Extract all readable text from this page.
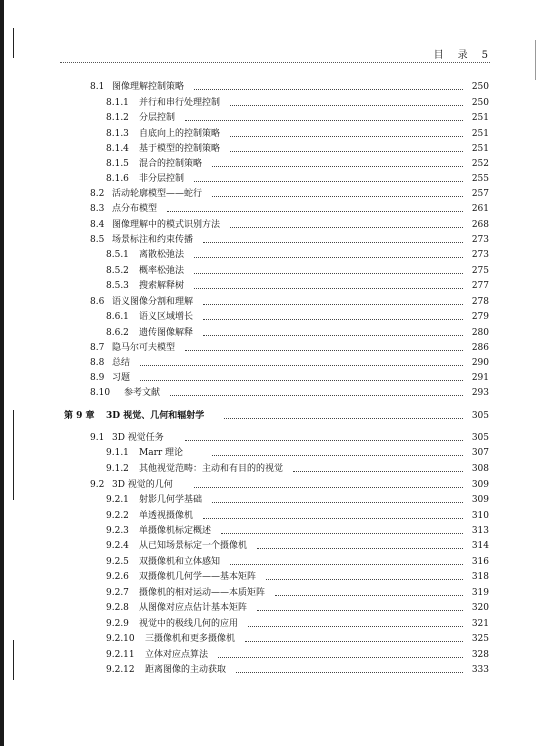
目　录　5
8.1 图像理解控制策略	250
8.1.1 并行和串行处理控制	250
8.1.2 分层控制	251
8.1.3 自底向上的控制策略	251
8.1.4 基于模型的控制策略	251
8.1.5 混合的控制策略	252
8.1.6 非分层控制	255
8.2 活动轮廓模型——蛇行	257
8.3 点分布模型	261
8.4 图像理解中的模式识别方法	268
8.5 场景标注和约束传播	273
8.5.1 离散松弛法	273
8.5.2 概率松弛法	275
8.5.3 搜索解释树	277
8.6 语义图像分割和理解	278
8.6.1 语义区域增长	279
8.6.2 遗传图像解释	280
8.7 隐马尔可夫模型	286
8.8 总结	290
8.9 习题	291
8.10 参考文献	293
第 9 章 3D 视觉、几何和辐射学	305
9.1 3D 视觉任务	305
9.1.1 Marr 理论	307
9.1.2 其他视觉范畴：主动和有目的的视觉	308
9.2 3D 视觉的几何	309
9.2.1 射影几何学基础	309
9.2.2 单透视摄像机	310
9.2.3 单摄像机标定概述	313
9.2.4 从已知场景标定一个摄像机	314
9.2.5 双摄像机和立体感知	316
9.2.6 双摄像机几何学——基本矩阵	318
9.2.7 摄像机的相对运动——本质矩阵	319
9.2.8 从图像对应点估计基本矩阵	320
9.2.9 视觉中的极线几何的应用	321
9.2.10 三摄像机和更多摄像机	325
9.2.11 立体对应点算法	328
9.2.12 距离图像的主动获取	333
